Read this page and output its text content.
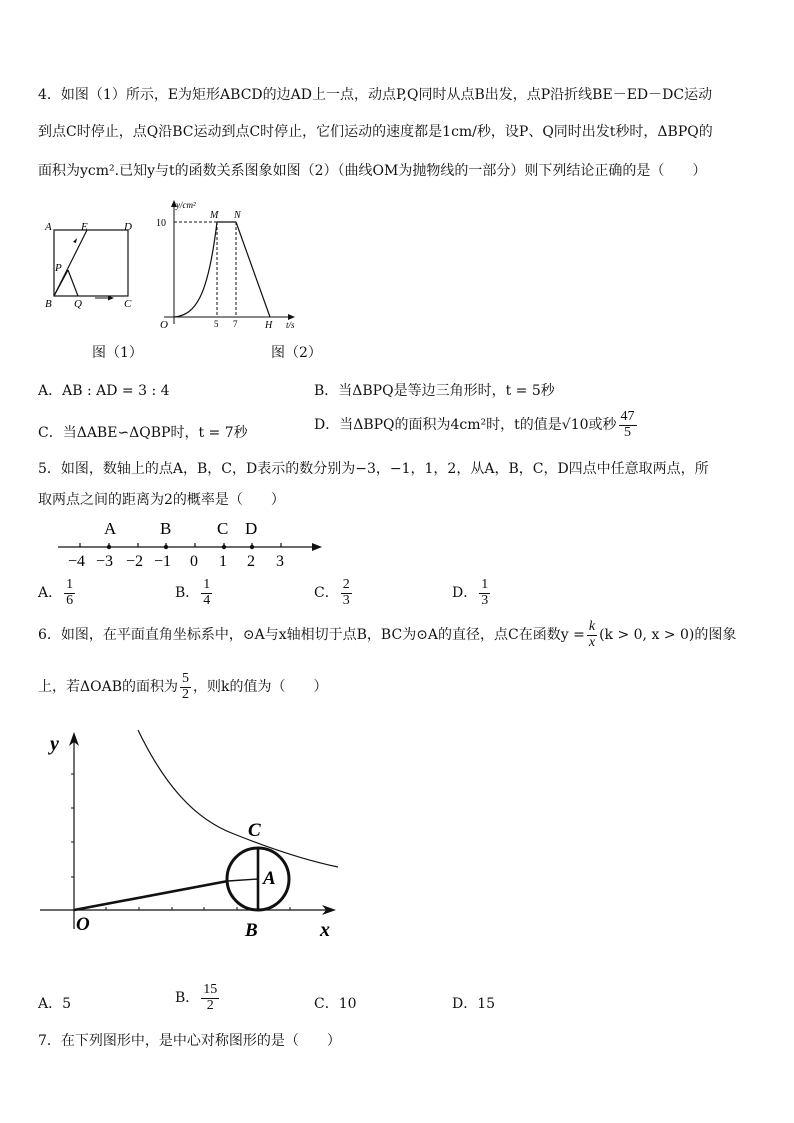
4．如图（1）所示，E为矩形ABCD的边AD上一点，动点P,Q同时从点B出发，点P沿折线BE－ED－DC运动
到点C时停止，点Q沿BC运动到点C时停止，它们运动的速度都是1cm/秒，设P、Q同时出发t秒时，ΔBPQ的
面积为ycm².已知y与t的函数关系图象如图（2）（曲线OM为抛物线的一部分）则下列结论正确的是（　　）
A	E	D
P
B Q	C
图（1）
y/cm²
10
M N
O	5 7	H t/s
图（2）
A．AB : AD = 3 : 4	B．当ΔBPQ是等边三角形时，t = 5秒
C．当ΔABE∽ΔQBP时，t = 7秒	D．当ΔBPQ的面积为4cm²时，t的值是√10或秒 $\frac{47}{5}$
5．如图，数轴上的点A，B，C，D表示的数分别为−3，−1，1，2，从A，B，C，D四点中任意取两点，所
取两点之间的距离为2的概率是（　　）
A	B	C D
−4 −3 −2 −1 0 1 2 3
A． $\frac{1}{6}$	B． $\frac{1}{4}$	C． $\frac{2}{3}$	D． $\frac{1}{3}$
6．如图，在平面直角坐标系中，⊙A与x轴相切于点B，BC为⊙A的直径，点C在函数$y = \frac{k}{x} (k > 0$, x > 0)的图象
上，若ΔOAB的面积为 $\frac{5}{2}$ ，则k的值为（　　）
y
x
O	B
C
A
A．5	B． $\frac{15}{2}$	C．10	D．15
7．在下列图形中，是中心对称图形的是（　　）
